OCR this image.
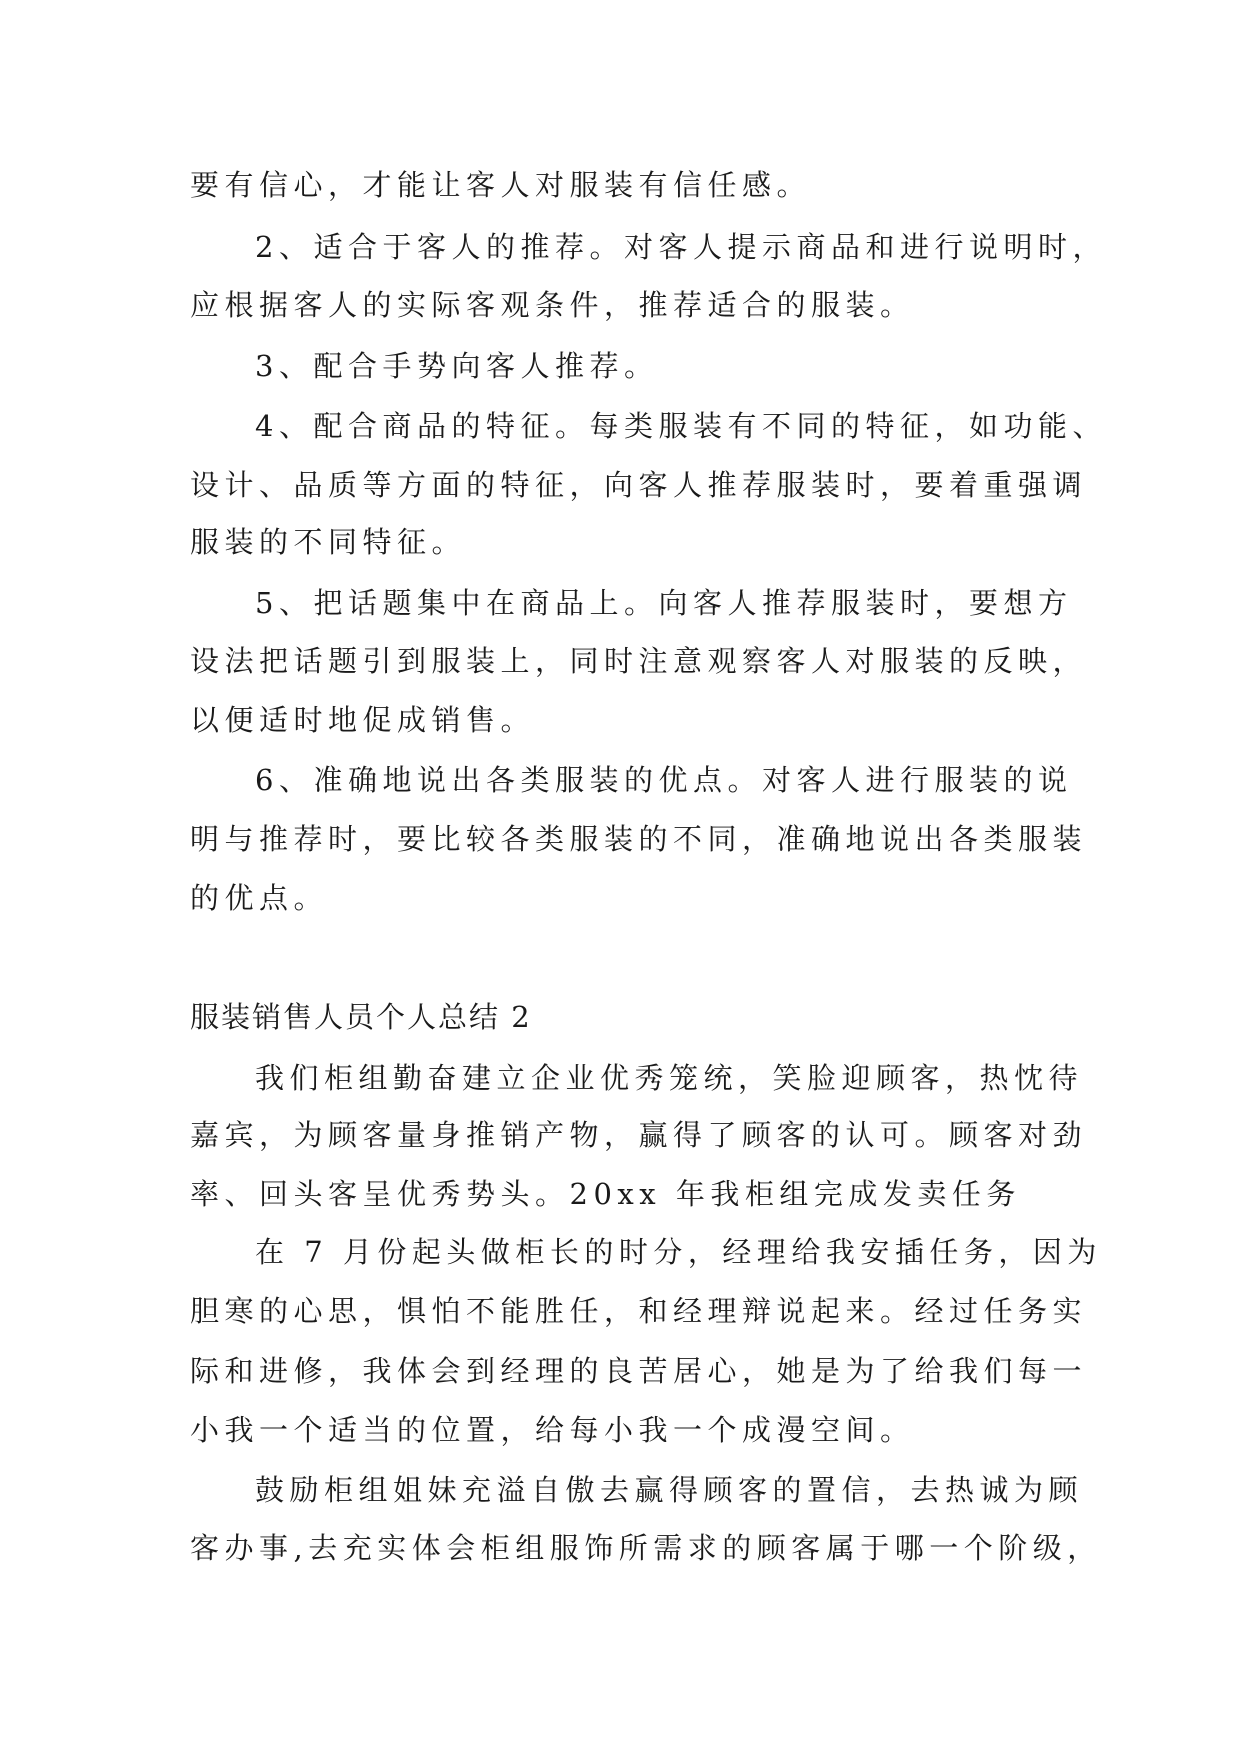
要有信心，才能让客人对服装有信任感。
2、适合于客人的推荐。对客人提示商品和进行说明时，
应根据客人的实际客观条件，推荐适合的服装。
3、配合手势向客人推荐。
4、配合商品的特征。每类服装有不同的特征，如功能、
设计、品质等方面的特征，向客人推荐服装时，要着重强调
服装的不同特征。
5、把话题集中在商品上。向客人推荐服装时，要想方
设法把话题引到服装上，同时注意观察客人对服装的反映，
以便适时地促成销售。
6、准确地说出各类服装的优点。对客人进行服装的说
明与推荐时，要比较各类服装的不同，准确地说出各类服装
的优点。
服装销售人员个人总结 2
我们柜组勤奋建立企业优秀笼统，笑脸迎顾客，热忱待
嘉宾，为顾客量身推销产物，赢得了顾客的认可。顾客对劲
率、回头客呈优秀势头。20xx 年我柜组完成发卖任务
在 7 月份起头做柜长的时分，经理给我安插任务，因为
胆寒的心思，惧怕不能胜任，和经理辩说起来。经过任务实
际和进修，我体会到经理的良苦居心，她是为了给我们每一
小我一个适当的位置，给每小我一个成漫空间。
鼓励柜组姐妹充溢自傲去赢得顾客的置信，去热诚为顾
客办事,去充实体会柜组服饰所需求的顾客属于哪一个阶级，
